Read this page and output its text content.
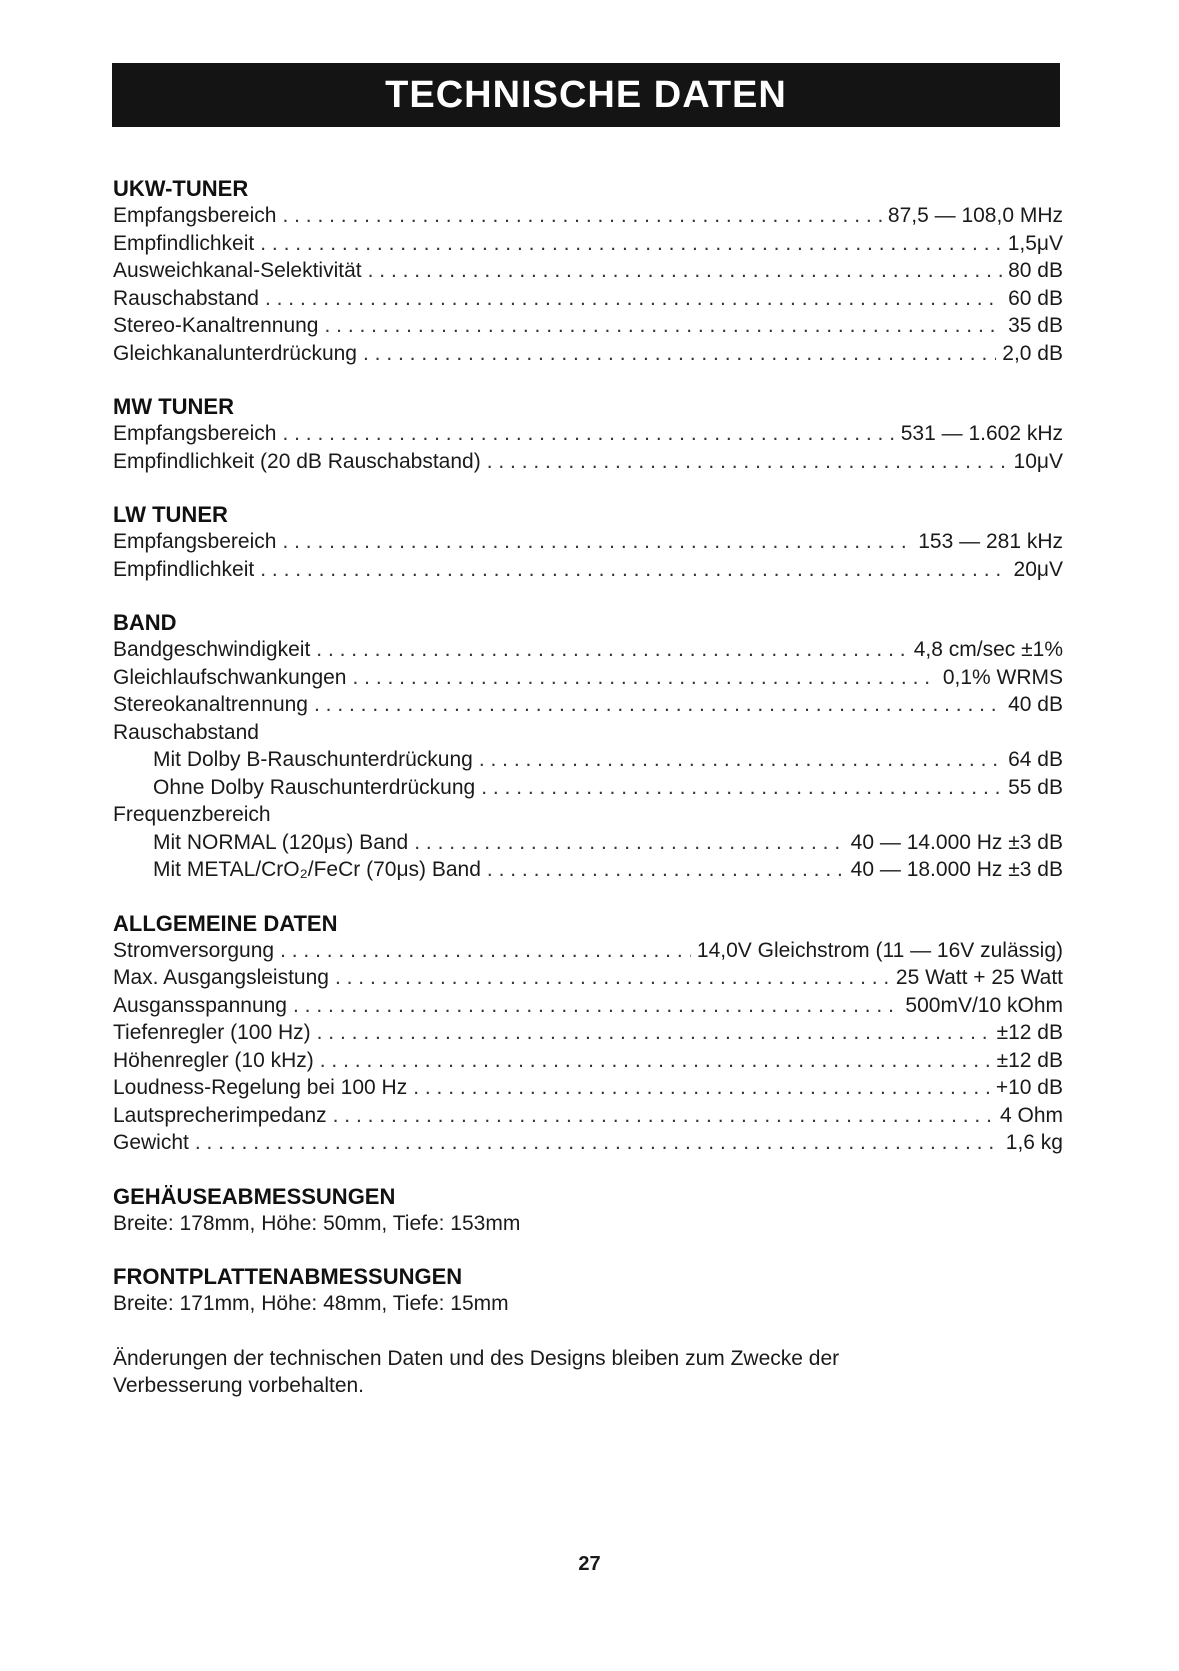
TECHNISCHE DATEN
UKW-TUNER
Empfangsbereich . . .	87,5 — 108,0 MHz
Empfindlichkeit . . .	1,5μV
Ausweichkanal-Selektivität . . .	80 dB
Rauschabstand . . .	60 dB
Stereo-Kanaltrennung . . .	35 dB
Gleichkanalunterdrückung . . .	2,0 dB
MW TUNER
Empfangsbereich . . .	531 — 1.602 kHz
Empfindlichkeit (20 dB Rauschabstand) . . .	10μV
LW TUNER
Empfangsbereich . . .	153 — 281 kHz
Empfindlichkeit . . .	20μV
BAND
Bandgeschwindigkeit . . .	4,8 cm/sec ±1%
Gleichlaufschwankungen . . .	0,1% WRMS
Stereokanaltrennung . . .	40 dB
Rauschabstand
Mit Dolby B-Rauschunterdrückung . . .	64 dB
Ohne Dolby Rauschunterdrückung . . .	55 dB
Frequenzbereich
Mit NORMAL (120μs) Band . . .	40 — 14.000 Hz ±3 dB
Mit METAL/CrO₂/FeCr (70μs) Band . . .	40 — 18.000 Hz ±3 dB
ALLGEMEINE DATEN
Stromversorgung . . .	14,0V Gleichstrom (11 — 16V zulässig)
Max. Ausgangsleistung . . .	25 Watt + 25 Watt
Ausgansspannung . . .	500mV/10 kOhm
Tiefenregler (100 Hz) . . .	±12 dB
Höhenregler (10 kHz) . . .	±12 dB
Loudness-Regelung bei 100 Hz . . .	+10 dB
Lautsprecherimpedanz . . .	4 Ohm
Gewicht . . .	1,6 kg
GEHÄUSEABMESSUNGEN
Breite: 178mm, Höhe: 50mm, Tiefe: 153mm
FRONTPLATTENABMESSUNGEN
Breite: 171mm, Höhe: 48mm, Tiefe: 15mm
Änderungen der technischen Daten und des Designs bleiben zum Zwecke der Verbesserung vorbehalten.
27
